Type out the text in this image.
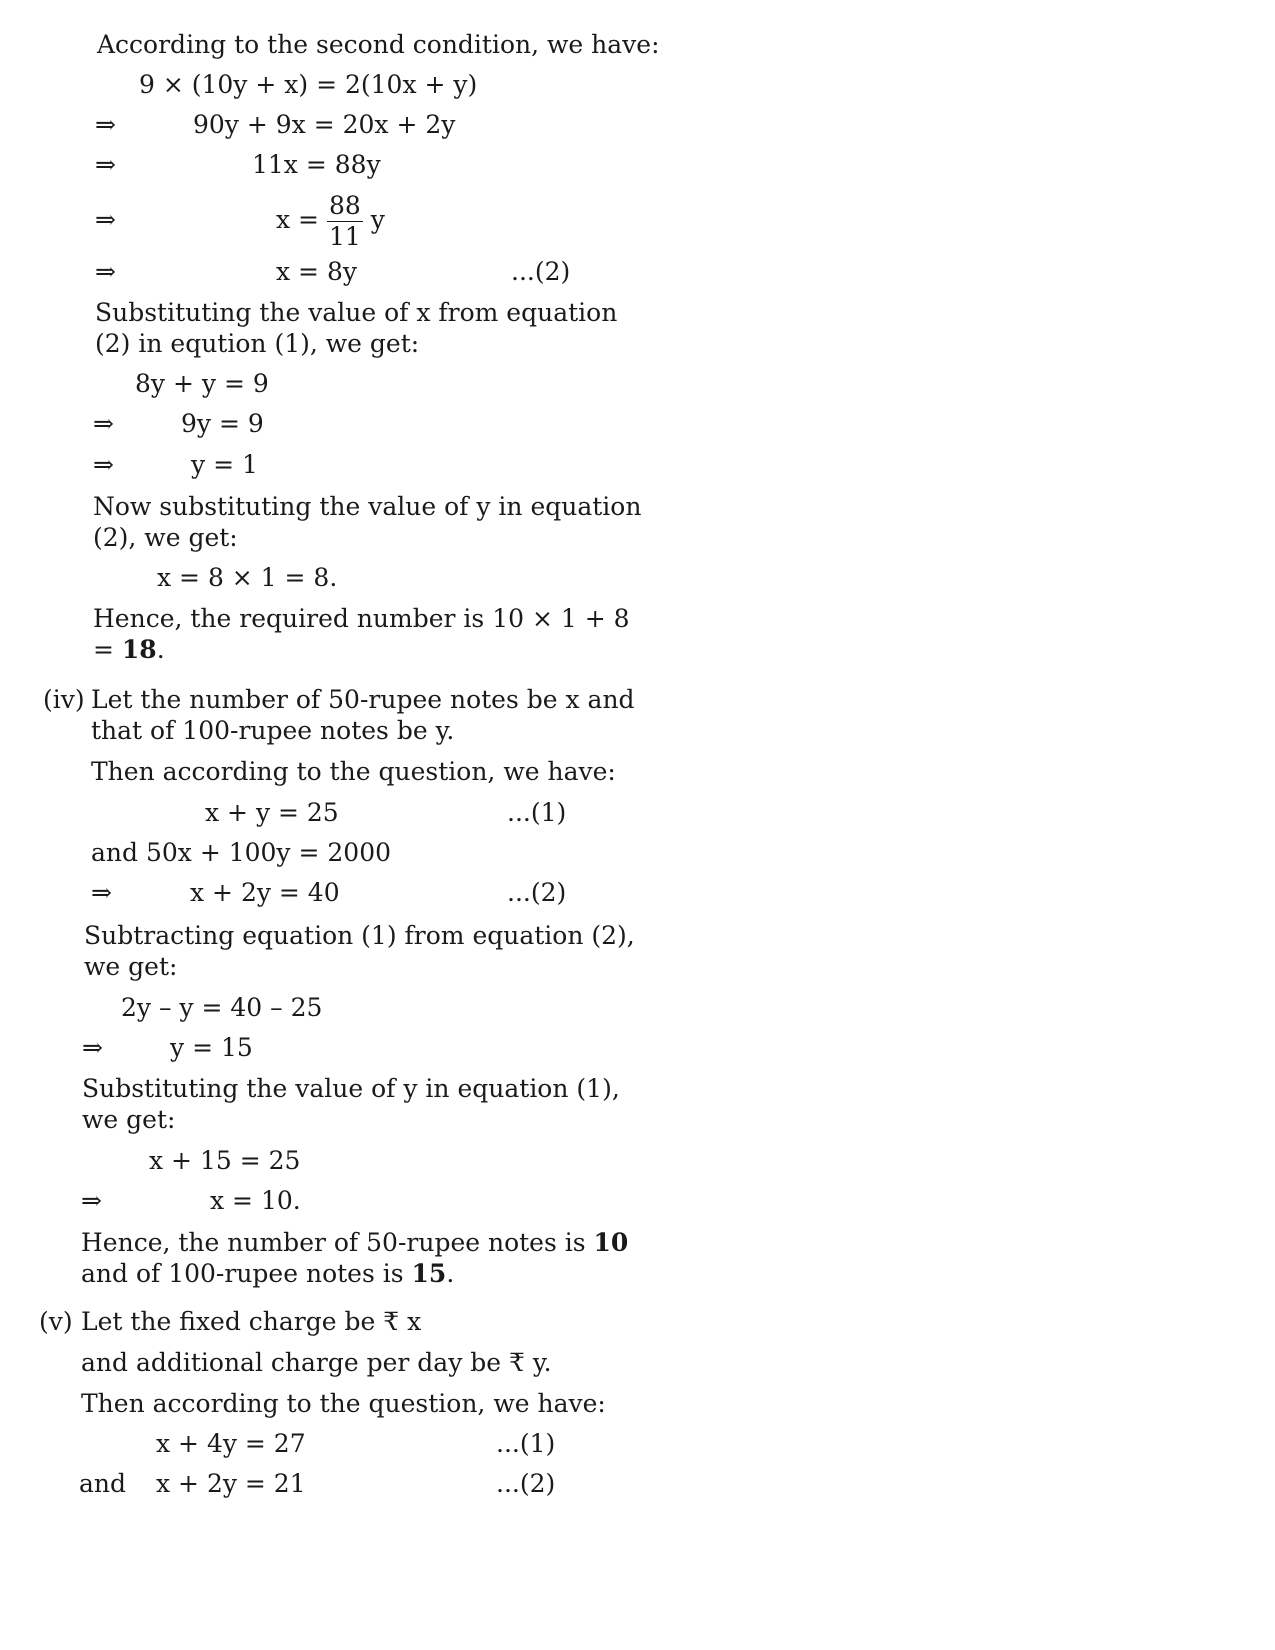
According to the second condition, we have:
9 × (10y + x) = 2(10x + y)
⇒	90y + 9x = 20x + 2y
⇒	11x = 88y
⇒	$x = \frac{88}{11}$ y
⇒	x = 8y	...(2)
Substituting the value of x from equation
(2) in eqution (1), we get:
8y + y = 9
⇒	9y = 9
⇒	y = 1
Now substituting the value of y in equation
(2), we get:
x = 8 × 1 = 8.
Hence, the required number is 10 × 1 + 8
= 18.
(iv) Let the number of 50-rupee notes be x and
that of 100-rupee notes be y.
Then according to the question, we have:
x + y = 25	...(1)
and 50x + 100y = 2000
⇒	x + 2y = 40	...(2)
Subtracting equation (1) from equation (2),
we get:
2y – y = 40 – 25
⇒	y = 15
Substituting the value of y in equation (1),
we get:
x + 15 = 25
⇒	x = 10.
Hence, the number of 50-rupee notes is 10
and of 100-rupee notes is 15.
(v) Let the fixed charge be ₹ x
and additional charge per day be ₹ y.
Then according to the question, we have:
x + 4y = 27	...(1)
and x + 2y = 21	...(2)
